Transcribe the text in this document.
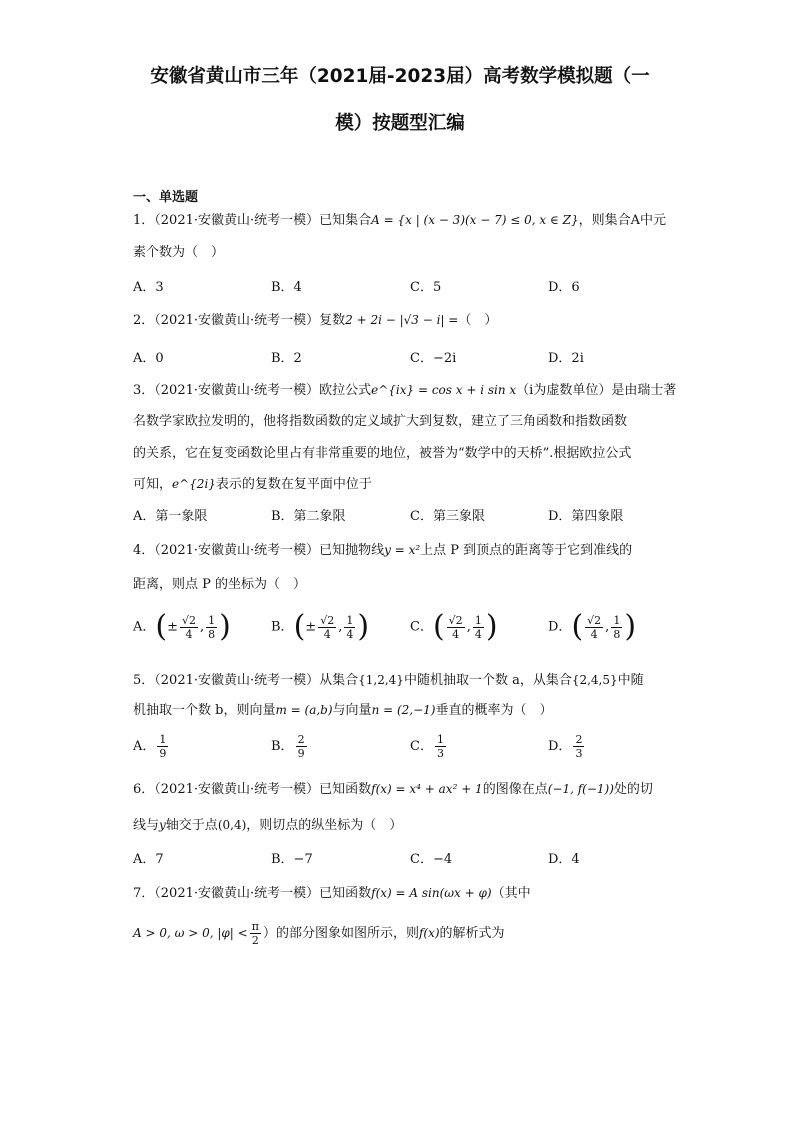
安徽省黄山市三年（2021届-2023届）高考数学模拟题（一
模）按题型汇编
一、单选题
1．（2021·安徽黄山·统考一模）已知集合A = {x | (x − 3)(x − 7) ≤ 0, x ∈ Z}，则集合A中元
素个数为（　）
A．3	B．4	C．5	D．6
2．（2021·安徽黄山·统考一模）复数2 + 2i − |√3 − i| =（　）
A．0	B．2	C．−2i	D．2i
3．（2021·安徽黄山·统考一模）欧拉公式e^{ix} = cos x + i sin x（i为虚数单位）是由瑞士著
名数学家欧拉发明的，他将指数函数的定义域扩大到复数，建立了三角函数和指数函数
的关系，它在复变函数论里占有非常重要的地位，被誉为“数学中的天桥”.根据欧拉公式
可知，e^{2i}表示的复数在复平面中位于
A．第一象限	B．第二象限	C．第三象限	D．第四象限
4．（2021·安徽黄山·统考一模）已知抛物线y = x²上点 P 到顶点的距离等于它到准线的
距离，则点 P 的坐标为（　）
A．(± $\frac{√2}{4}$ , $\frac{1}{8}$ )	B．(± $\frac{√2}{4}$ , $\frac{1}{4}$ )	C．( $\frac{√2}{4}$ , $\frac{1}{4}$ )	D．( $\frac{√2}{4}$ , $\frac{1}{8}$ )
5．（2021·安徽黄山·统考一模）从集合{1,2,4}中随机抽取一个数 a，从集合{2,4,5}中随
机抽取一个数 b，则向量m = (a,b)与向量n = (2,−1)垂直的概率为（　）
A． $\frac{1}{9}$	B． $\frac{2}{9}$	C． $\frac{1}{3}$	D． $\frac{2}{3}$
6．（2021·安徽黄山·统考一模）已知函数f(x) = x⁴ + ax² + 1的图像在点(−1, f(−1))处的切
线与y轴交于点(0,4)，则切点的纵坐标为（　）
A．7	B．−7	C．−4	D．4
7．（2021·安徽黄山·统考一模）已知函数f(x) = A sin(ωx + φ)（其中
A > 0, ω > 0, $|\varphi| < \frac{\pi}{2}$ ）的部分图象如图所示，则f(x)的解析式为
